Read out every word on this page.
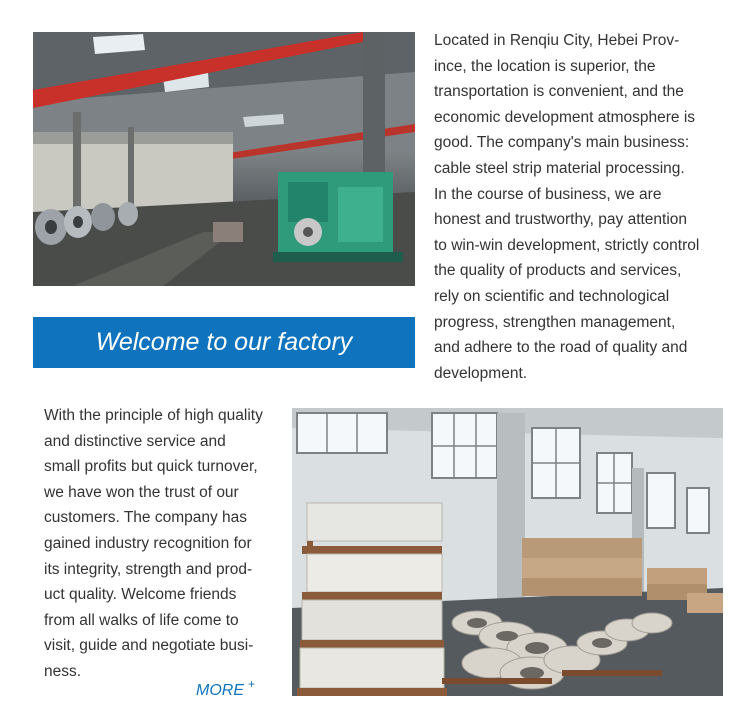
Welcome to our factory
Located in Renqiu City, Hebei Prov-
ince, the location is superior, the
transportation is convenient, and the
economic development atmosphere is
good. The company's main business:
cable steel strip material processing.
In the course of business, we are
honest and trustworthy, pay attention
to win-win development, strictly control
the quality of products and services,
rely on scientific and technological
progress, strengthen management,
and adhere to the road of quality and
development.
With the principle of high quality
and distinctive service and
small profits but quick turnover,
we have won the trust of our
customers. The company has
gained industry recognition for
its integrity, strength and prod-
uct quality. Welcome friends
from all walks of life come to
visit, guide and negotiate busi-
ness.
MORE +
